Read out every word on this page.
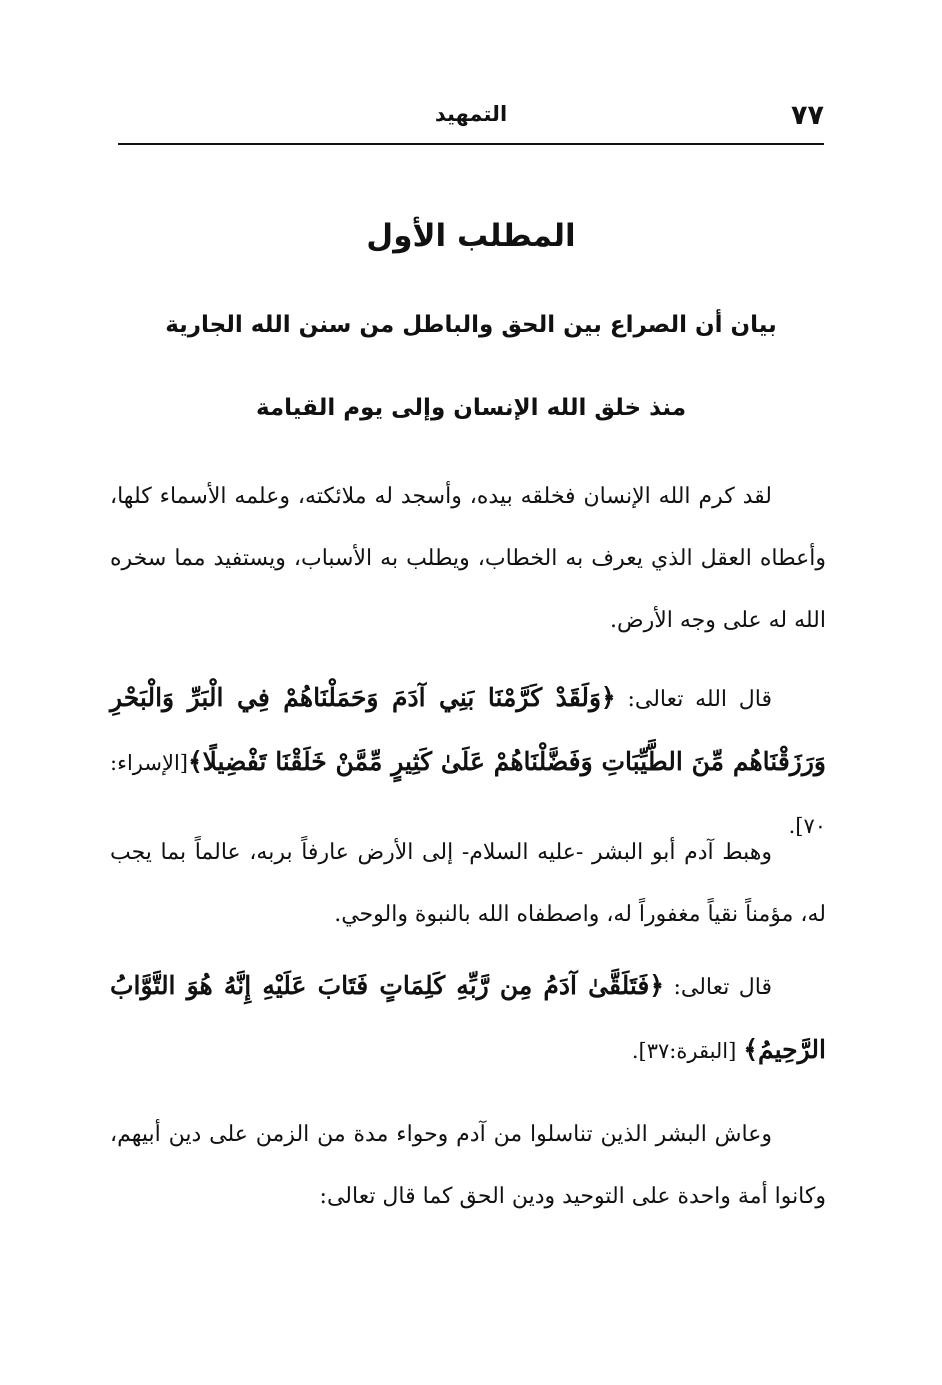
٧٧
التمهيد
المطلب الأول
بيان أن الصراع بين الحق والباطل من سنن الله الجارية
منذ خلق الله الإنسان وإلى يوم القيامة

لقد كرم الله الإنسان فخلقه بيده، وأسجد له ملائكته، وعلمه الأسماء كلها، وأعطاه العقل الذي يعرف به الخطاب، ويطلب به الأسباب، ويستفيد مما سخره الله له على وجه الأرض.

قال الله تعالى: ﴿وَلَقَدْ كَرَّمْنَا بَنِي آدَمَ وَحَمَلْنَاهُمْ فِي الْبَرِّ وَالْبَحْرِ وَرَزَقْنَاهُم مِّنَ الطَّيِّبَاتِ وَفَضَّلْنَاهُمْ عَلَىٰ كَثِيرٍ مِّمَّنْ خَلَقْنَا تَفْضِيلًا﴾[الإسراء: ٧٠].

وهبط آدم أبو البشر -عليه السلام- إلى الأرض عارفاً بربه، عالماً بما يجب له، مؤمناً نقياً مغفوراً له، واصطفاه الله بالنبوة والوحي.

قال تعالى: ﴿فَتَلَقَّىٰ آدَمُ مِن رَّبِّهِ كَلِمَاتٍ فَتَابَ عَلَيْهِ إِنَّهُ هُوَ التَّوَّابُ الرَّحِيمُ﴾ [البقرة:٣٧].

وعاش البشر الذين تناسلوا من آدم وحواء مدة من الزمن على دين أبيهم، وكانوا أمة واحدة على التوحيد ودين الحق كما قال تعالى:
